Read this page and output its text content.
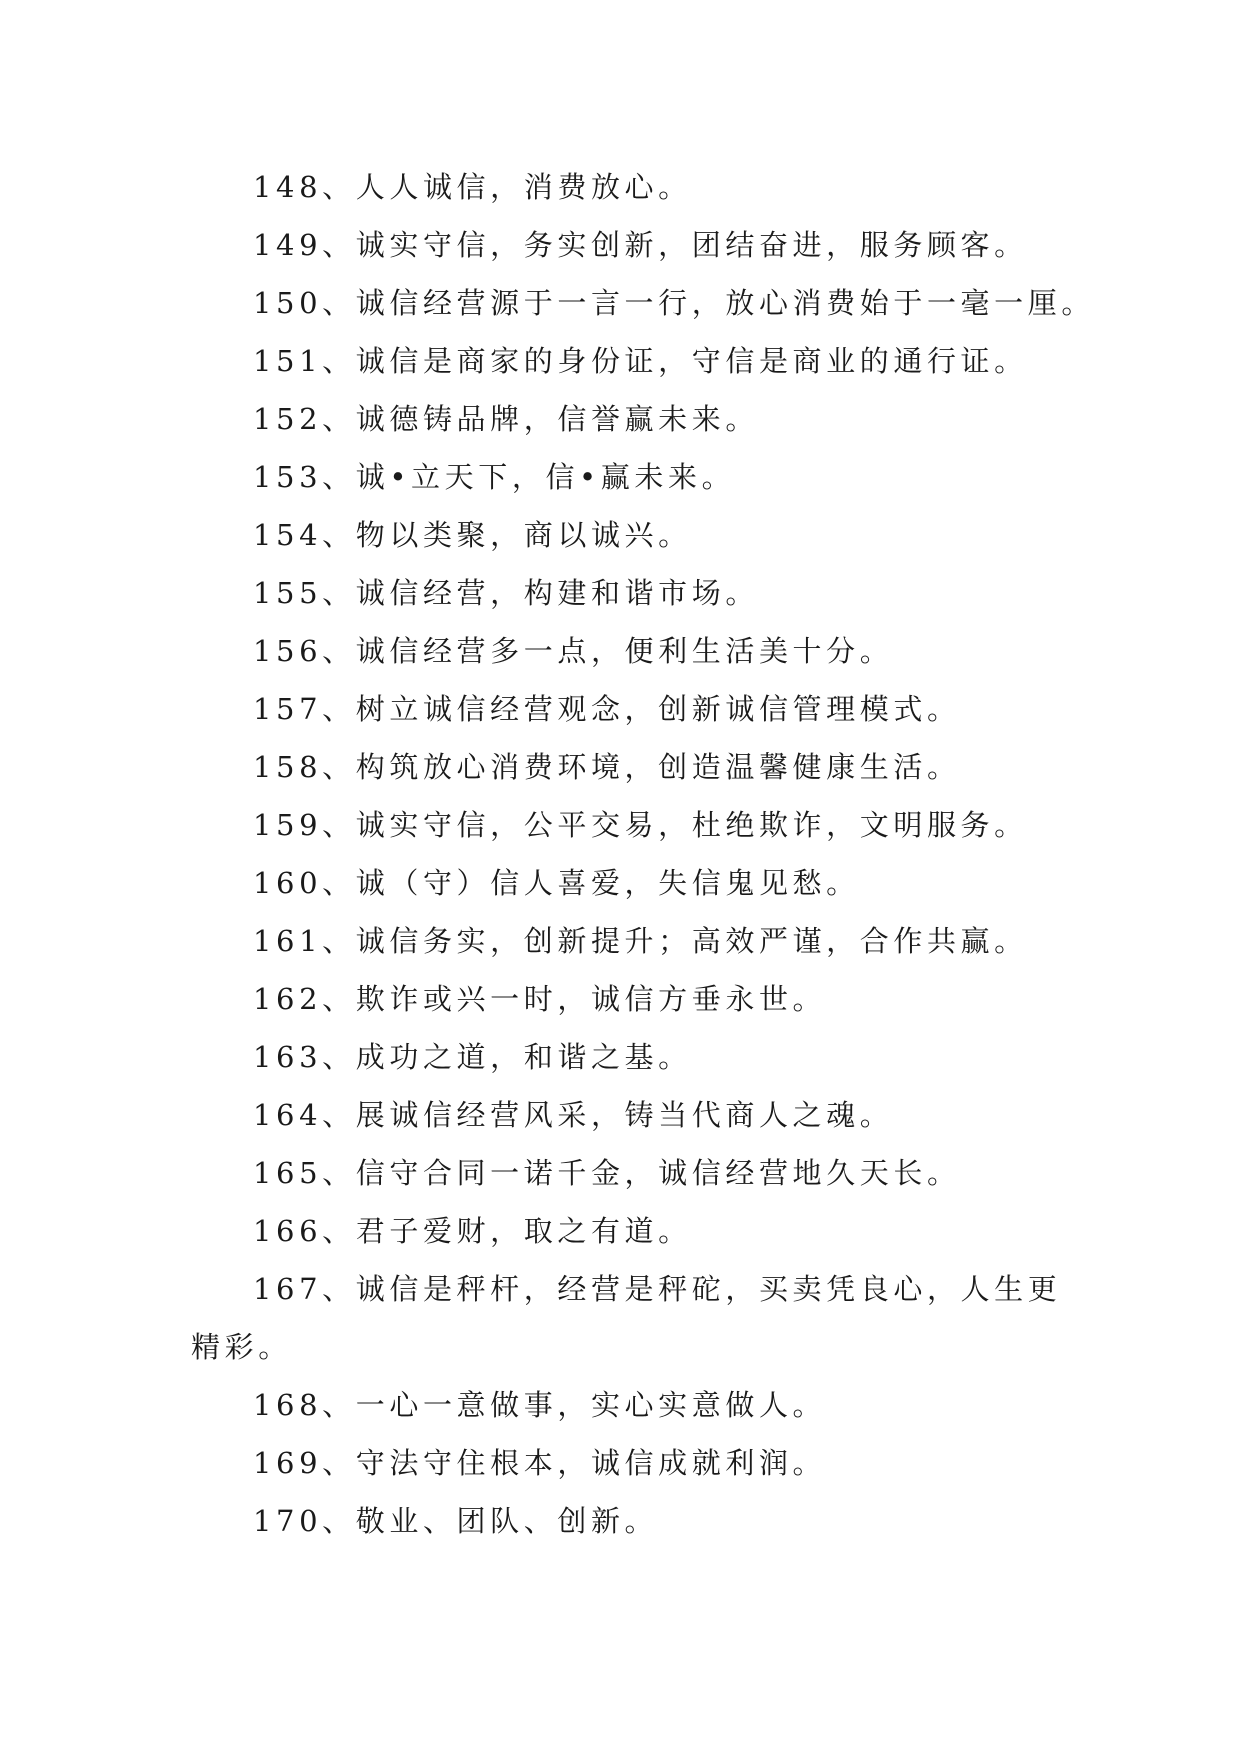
148、人人诚信，消费放心。
149、诚实守信，务实创新，团结奋进，服务顾客。
150、诚信经营源于一言一行，放心消费始于一毫一厘。
151、诚信是商家的身份证，守信是商业的通行证。
152、诚德铸品牌，信誉赢未来。
153、诚•立天下，信•赢未来。
154、物以类聚，商以诚兴。
155、诚信经营，构建和谐市场。
156、诚信经营多一点，便利生活美十分。
157、树立诚信经营观念，创新诚信管理模式。
158、构筑放心消费环境，创造温馨健康生活。
159、诚实守信，公平交易，杜绝欺诈，文明服务。
160、诚（守）信人喜爱，失信鬼见愁。
161、诚信务实，创新提升；高效严谨，合作共赢。
162、欺诈或兴一时，诚信方垂永世。
163、成功之道，和谐之基。
164、展诚信经营风采，铸当代商人之魂。
165、信守合同一诺千金，诚信经营地久天长。
166、君子爱财，取之有道。
167、诚信是秤杆，经营是秤砣，买卖凭良心，人生更
精彩。
168、一心一意做事，实心实意做人。
169、守法守住根本，诚信成就利润。
170、敬业、团队、创新。
